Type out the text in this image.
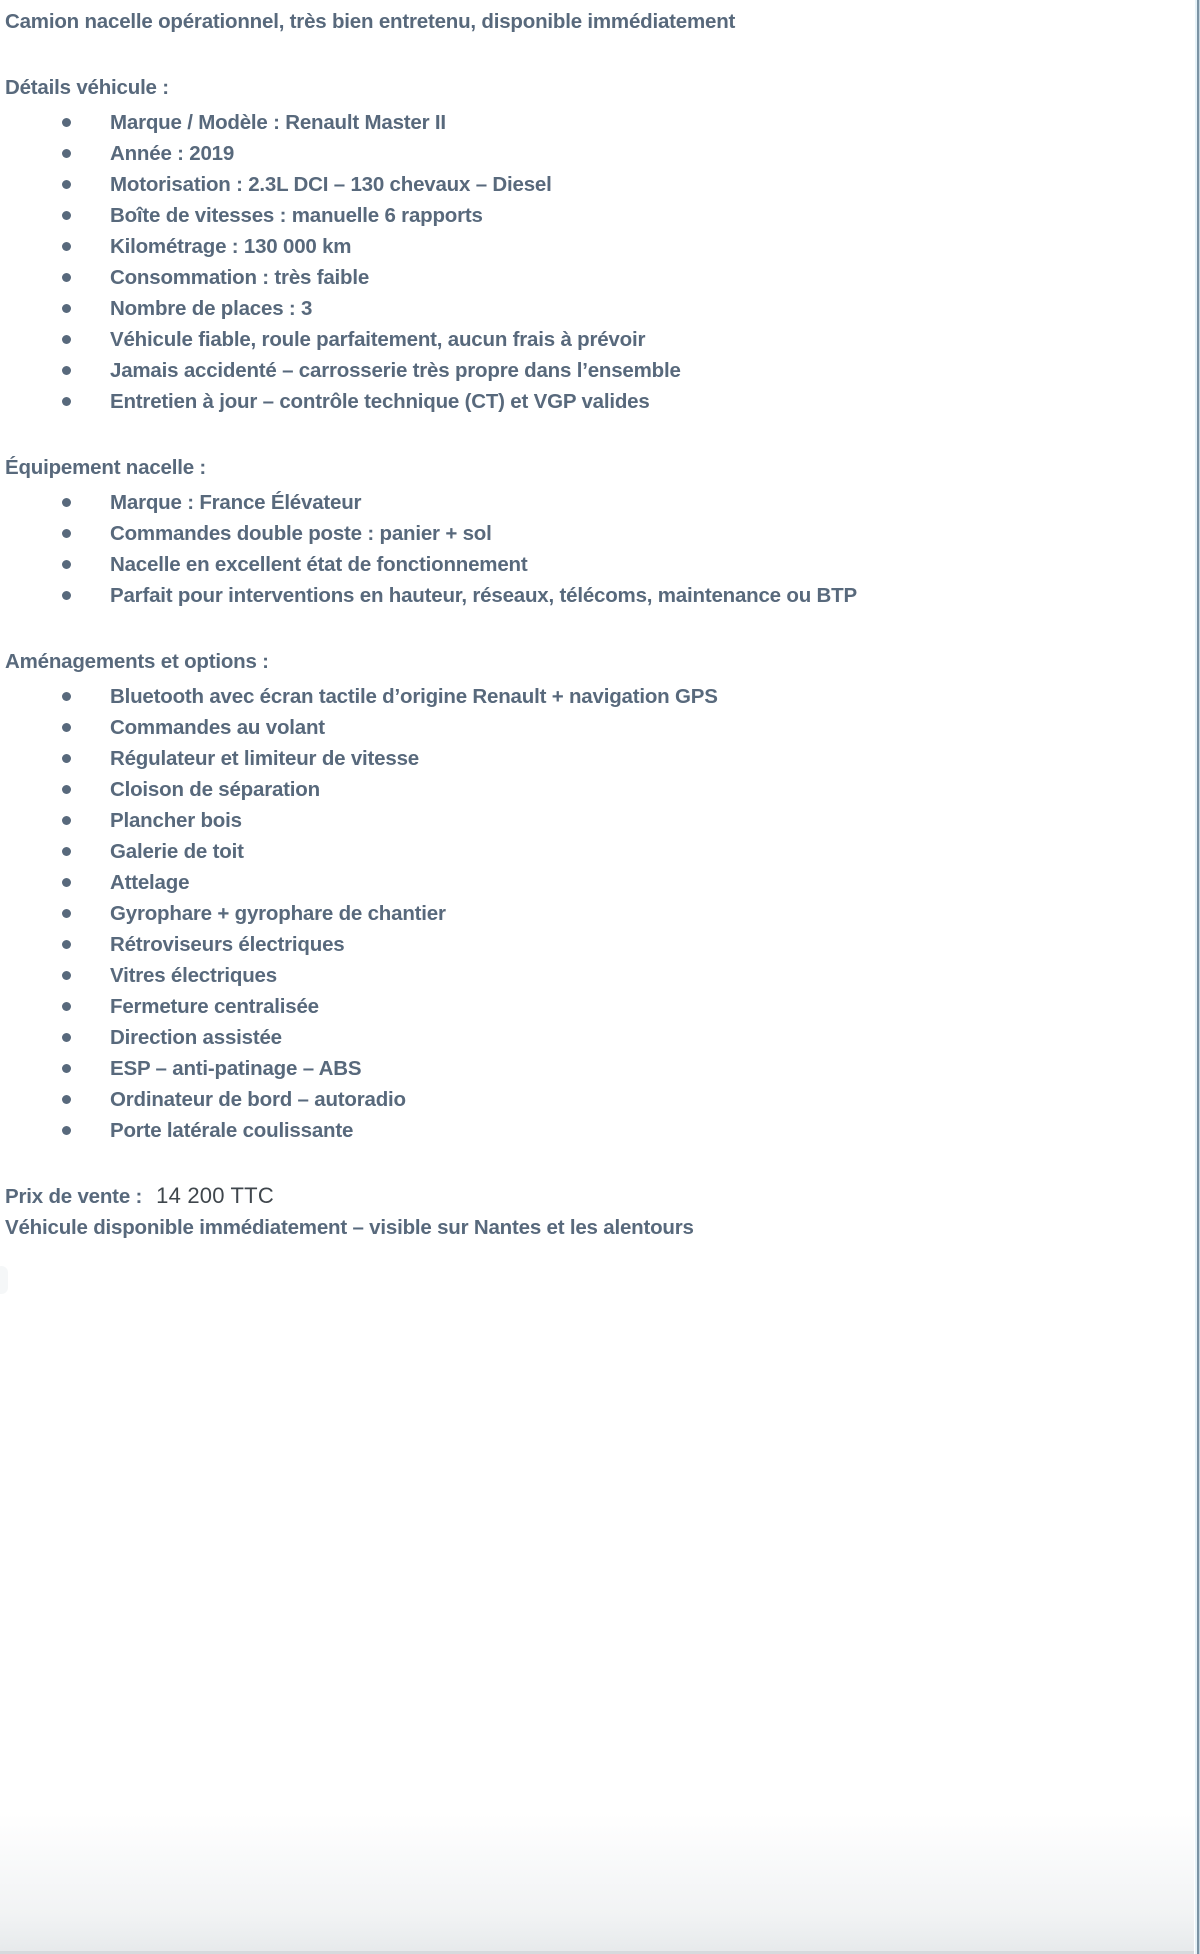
Camion nacelle opérationnel, très bien entretenu, disponible immédiatement

Détails véhicule :

Marque / Modèle : Renault Master II
Année : 2019
Motorisation : 2.3L DCI – 130 chevaux – Diesel
Boîte de vitesses : manuelle 6 rapports
Kilométrage : 130 000 km
Consommation : très faible
Nombre de places : 3
Véhicule fiable, roule parfaitement, aucun frais à prévoir
Jamais accidenté – carrosserie très propre dans l’ensemble
Entretien à jour – contrôle technique (CT) et VGP valides

Équipement nacelle :

Marque : France Élévateur
Commandes double poste : panier + sol
Nacelle en excellent état de fonctionnement
Parfait pour interventions en hauteur, réseaux, télécoms, maintenance ou BTP

Aménagements et options :

Bluetooth avec écran tactile d’origine Renault + navigation GPS
Commandes au volant
Régulateur et limiteur de vitesse
Cloison de séparation
Plancher bois
Galerie de toit
Attelage
Gyrophare + gyrophare de chantier
Rétroviseurs électriques
Vitres électriques
Fermeture centralisée
Direction assistée
ESP – anti-patinage – ABS
Ordinateur de bord – autoradio
Porte latérale coulissante

Prix de vente : 14 200 TTC

Véhicule disponible immédiatement – visible sur Nantes et les alentours
